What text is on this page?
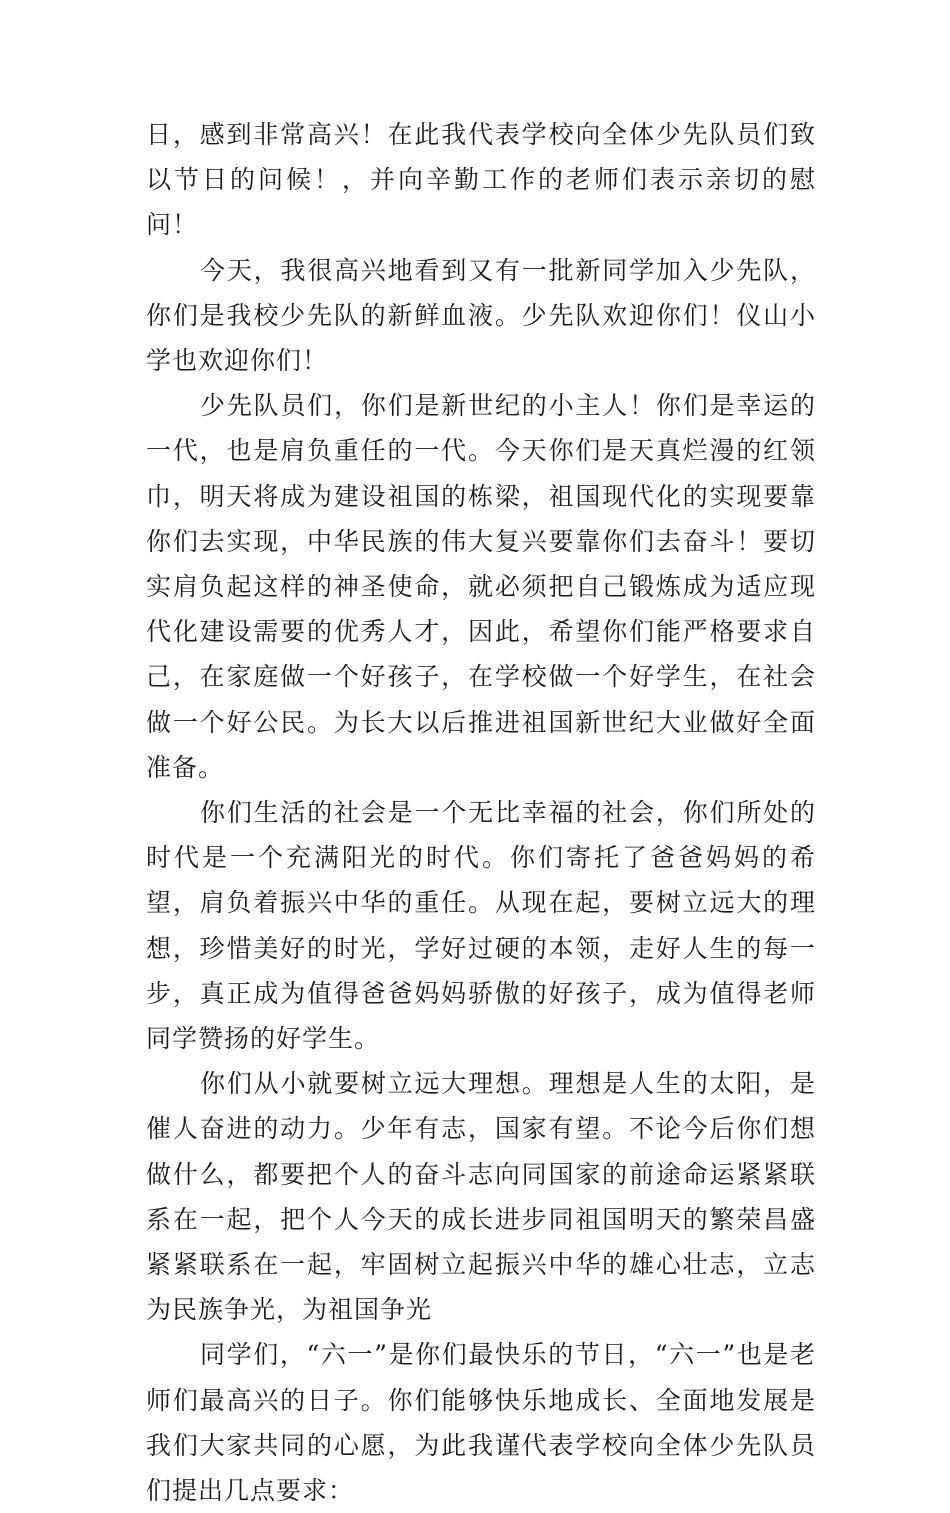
日，感到非常高兴！在此我代表学校向全体少先队员们致以节日的问候！，并向辛勤工作的老师们表示亲切的慰问！

今天，我很高兴地看到又有一批新同学加入少先队，你们是我校少先队的新鲜血液。少先队欢迎你们！仪山小学也欢迎你们！

少先队员们，你们是新世纪的小主人！你们是幸运的一代，也是肩负重任的一代。今天你们是天真烂漫的红领巾，明天将成为建设祖国的栋梁，祖国现代化的实现要靠你们去实现，中华民族的伟大复兴要靠你们去奋斗！要切实肩负起这样的神圣使命，就必须把自己锻炼成为适应现代化建设需要的优秀人才，因此，希望你们能严格要求自己，在家庭做一个好孩子，在学校做一个好学生，在社会做一个好公民。为长大以后推进祖国新世纪大业做好全面准备。

你们生活的社会是一个无比幸福的社会，你们所处的时代是一个充满阳光的时代。你们寄托了爸爸妈妈的希望，肩负着振兴中华的重任。从现在起，要树立远大的理想，珍惜美好的时光，学好过硬的本领，走好人生的每一步，真正成为值得爸爸妈妈骄傲的好孩子，成为值得老师同学赞扬的好学生。

你们从小就要树立远大理想。理想是人生的太阳，是催人奋进的动力。少年有志，国家有望。不论今后你们想做什么，都要把个人的奋斗志向同国家的前途命运紧紧联系在一起，把个人今天的成长进步同祖国明天的繁荣昌盛紧紧联系在一起，牢固树立起振兴中华的雄心壮志，立志为民族争光，为祖国争光

同学们，“六一”是你们最快乐的节日，“六一”也是老师们最高兴的日子。你们能够快乐地成长、全面地发展是我们大家共同的心愿，为此我谨代表学校向全体少先队员们提出几点要求：
